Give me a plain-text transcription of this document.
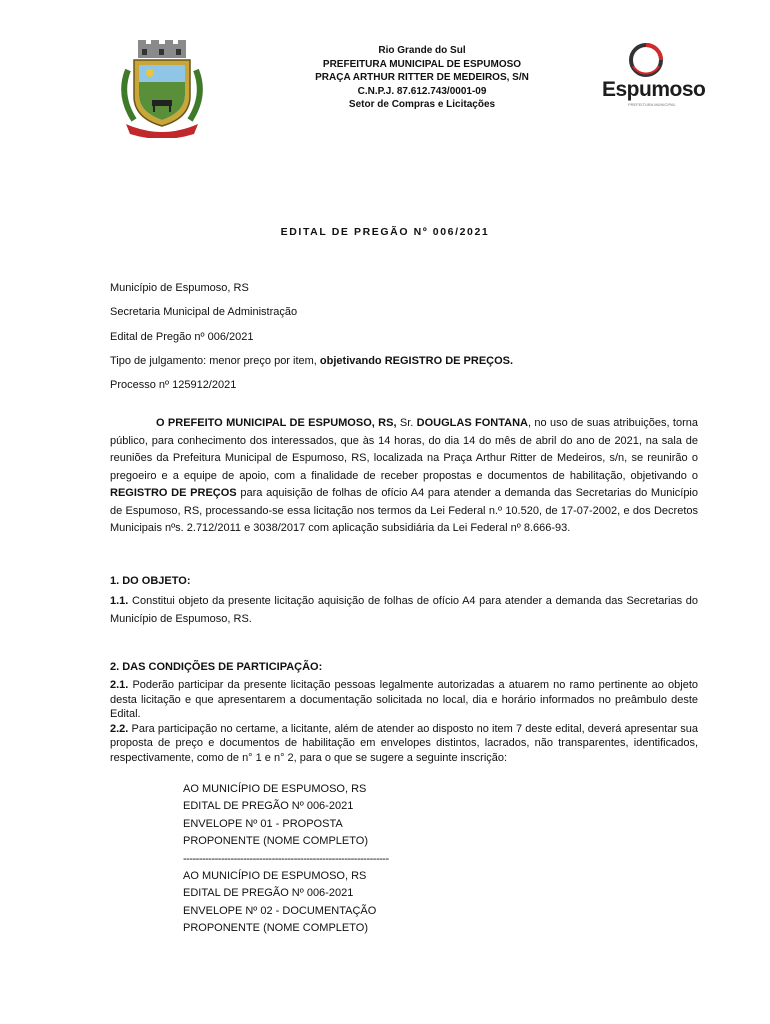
Rio Grande do Sul
PREFEITURA MUNICIPAL DE ESPUMOSO
PRAÇA ARTHUR RITTER DE MEDEIROS, S/N
C.N.P.J. 87.612.743/0001-09
Setor de Compras e Licitações
Espumoso
PREFEITURA MUNICIPAL
EDITAL DE PREGÃO Nº 006/2021

Município de Espumoso, RS

Secretaria Municipal de Administração

Edital de Pregão nº 006/2021

Tipo de julgamento: menor preço por item, objetivando REGISTRO DE PREÇOS.

Processo nº 125912/2021

O PREFEITO MUNICIPAL DE ESPUMOSO, RS, Sr. DOUGLAS FONTANA, no uso de suas atribuições, torna público, para conhecimento dos interessados, que às 14 horas, do dia 14 do mês de abril do ano de 2021, na sala de reuniões da Prefeitura Municipal de Espumoso, RS, localizada na Praça Arthur Ritter de Medeiros, s/n, se reunirão o pregoeiro e a equipe de apoio, com a finalidade de receber propostas e documentos de habilitação, objetivando o REGISTRO DE PREÇOS para aquisição de folhas de ofício A4 para atender a demanda das Secretarias do Município de Espumoso, RS, processando-se essa licitação nos termos da Lei Federal n.º 10.520, de 17-07-2002, e dos Decretos Municipais nºs. 2.712/2011 e 3038/2017 com aplicação subsidiária da Lei Federal nº 8.666-93.

1. DO OBJETO:

1.1. Constitui objeto da presente licitação aquisição de folhas de ofício A4 para atender a demanda das Secretarias do Município de Espumoso, RS.

2. DAS CONDIÇÕES DE PARTICIPAÇÃO:

2.1. Poderão participar da presente licitação pessoas legalmente autorizadas a atuarem no ramo pertinente ao objeto desta licitação e que apresentarem a documentação solicitada no local, dia e horário informados no preâmbulo deste Edital.
2.2. Para participação no certame, a licitante, além de atender ao disposto no item 7 deste edital, deverá apresentar sua proposta de preço e documentos de habilitação em envelopes distintos, lacrados, não transparentes, identificados, respectivamente, como de n° 1 e n° 2, para o que se sugere a seguinte inscrição:
AO MUNICÍPIO DE ESPUMOSO, RS
EDITAL DE PREGÃO Nº 006-2021
ENVELOPE Nº 01 - PROPOSTA
PROPONENTE (NOME COMPLETO)
-----------------------------------------------------------------
AO MUNICÍPIO DE ESPUMOSO, RS
EDITAL DE PREGÃO Nº 006-2021
ENVELOPE Nº 02 - DOCUMENTAÇÃO
PROPONENTE (NOME COMPLETO)
